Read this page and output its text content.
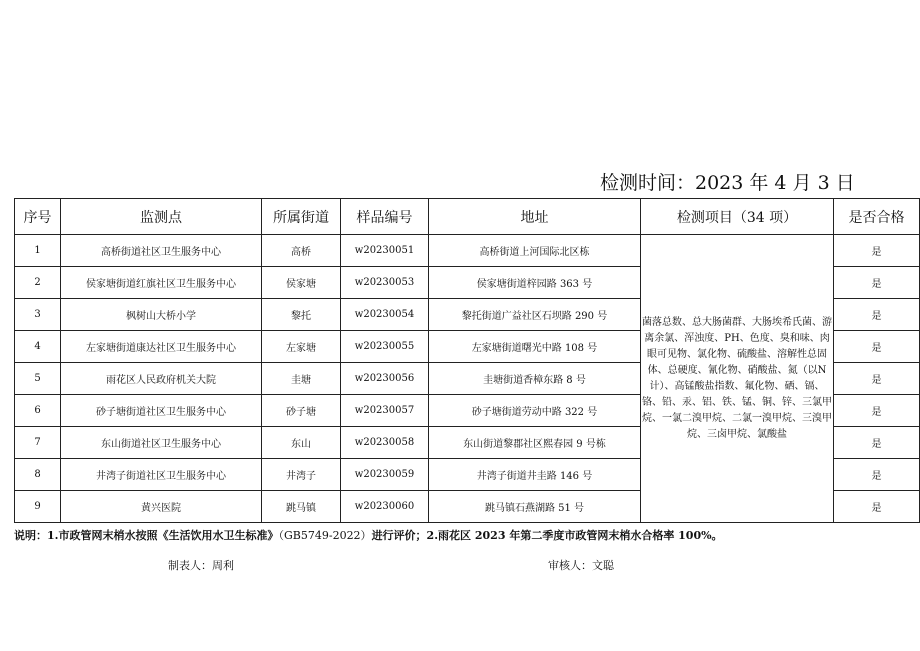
检测时间：2023 年 4 月 3 日
序号	监测点	所属街道	样品编号	地址	检测项目（34 项）	是否合格
1	高桥街道社区卫生服务中心	高桥	w20230051	高桥街道上河国际北区栋	菌落总数、总大肠菌群、大肠埃希氏菌、游离余氯、浑浊度、PH、色度、臭和味、肉眼可见物、氯化物、硫酸盐、溶解性总固体、总硬度、氰化物、硝酸盐、氮（以N计）、高锰酸盐指数、氟化物、硒、镉、铬、铅、汞、铝、铁、锰、铜、锌、三氯甲烷、一氯二溴甲烷、二氯一溴甲烷、三溴甲烷、三卤甲烷、氯酸盐	是
2	侯家塘街道红旗社区卫生服务中心	侯家塘	w20230053	侯家塘街道梓园路 363 号		是
3	枫树山大桥小学	黎托	w20230054	黎托街道广益社区石坝路 290 号		是
4	左家塘街道康达社区卫生服务中心	左家塘	w20230055	左家塘街道曙光中路 108 号		是
5	雨花区人民政府机关大院	圭塘	w20230056	圭塘街道香樟东路 8 号		是
6	砂子塘街道社区卫生服务中心	砂子塘	w20230057	砂子塘街道劳动中路 322 号		是
7	东山街道社区卫生服务中心	东山	w20230058	东山街道黎郡社区熙春园 9 号栋		是
8	井湾子街道社区卫生服务中心	井湾子	w20230059	井湾子街道井圭路 146 号		是
9	黄兴医院	跳马镇	w20230060	跳马镇石燕湖路 51 号		是
说明：1.市政管网末梢水按照《生活饮用水卫生标准》（GB5749-2022）进行评价；2.雨花区 2023 年第二季度市政管网末梢水合格率 100%。
制表人：周利	审核人：文聪
